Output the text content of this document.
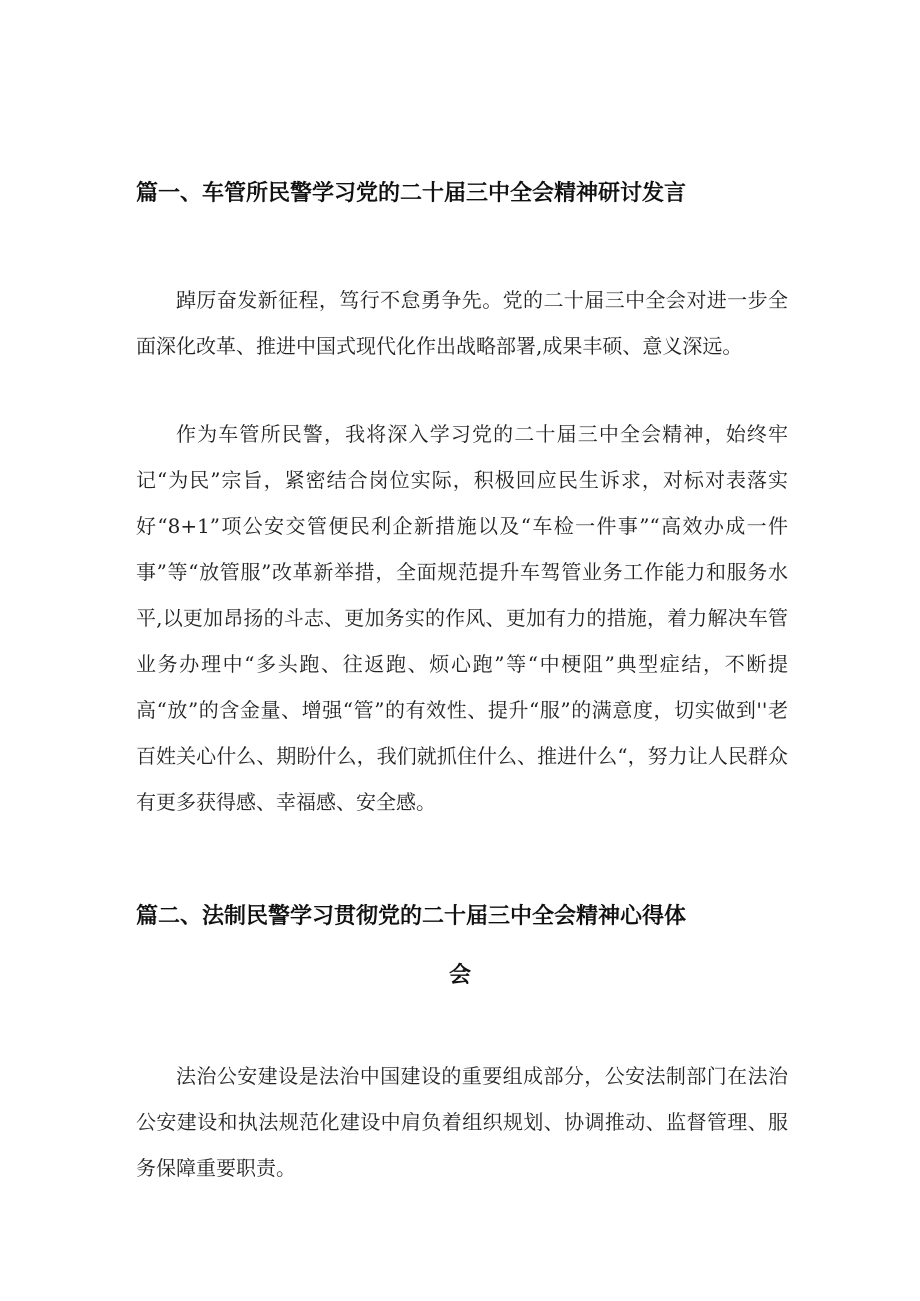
篇一、车管所民警学习党的二十届三中全会精神研讨发言

踔厉奋发新征程，笃行不怠勇争先。党的二十届三中全会对进一步全面深化改革、推进中国式现代化作出战略部署,成果丰硕、意义深远。

作为车管所民警，我将深入学习党的二十届三中全会精神，始终牢记“为民”宗旨，紧密结合岗位实际，积极回应民生诉求，对标对表落实好“8+1”项公安交管便民利企新措施以及“车检一件事”“高效办成一件事”等“放管服”改革新举措，全面规范提升车驾管业务工作能力和服务水平,以更加昂扬的斗志、更加务实的作风、更加有力的措施，着力解决车管业务办理中“多头跑、往返跑、烦心跑”等“中梗阻”典型症结，不断提高“放”的含金量、增强“管”的有效性、提升“服”的满意度，切实做到''老百姓关心什么、期盼什么，我们就抓住什么、推进什么“，努力让人民群众有更多获得感、幸福感、安全感。

篇二、法制民警学习贯彻党的二十届三中全会精神心得体
会

法治公安建设是法治中国建设的重要组成部分，公安法制部门在法治公安建设和执法规范化建设中肩负着组织规划、协调推动、监督管理、服务保障重要职责。
